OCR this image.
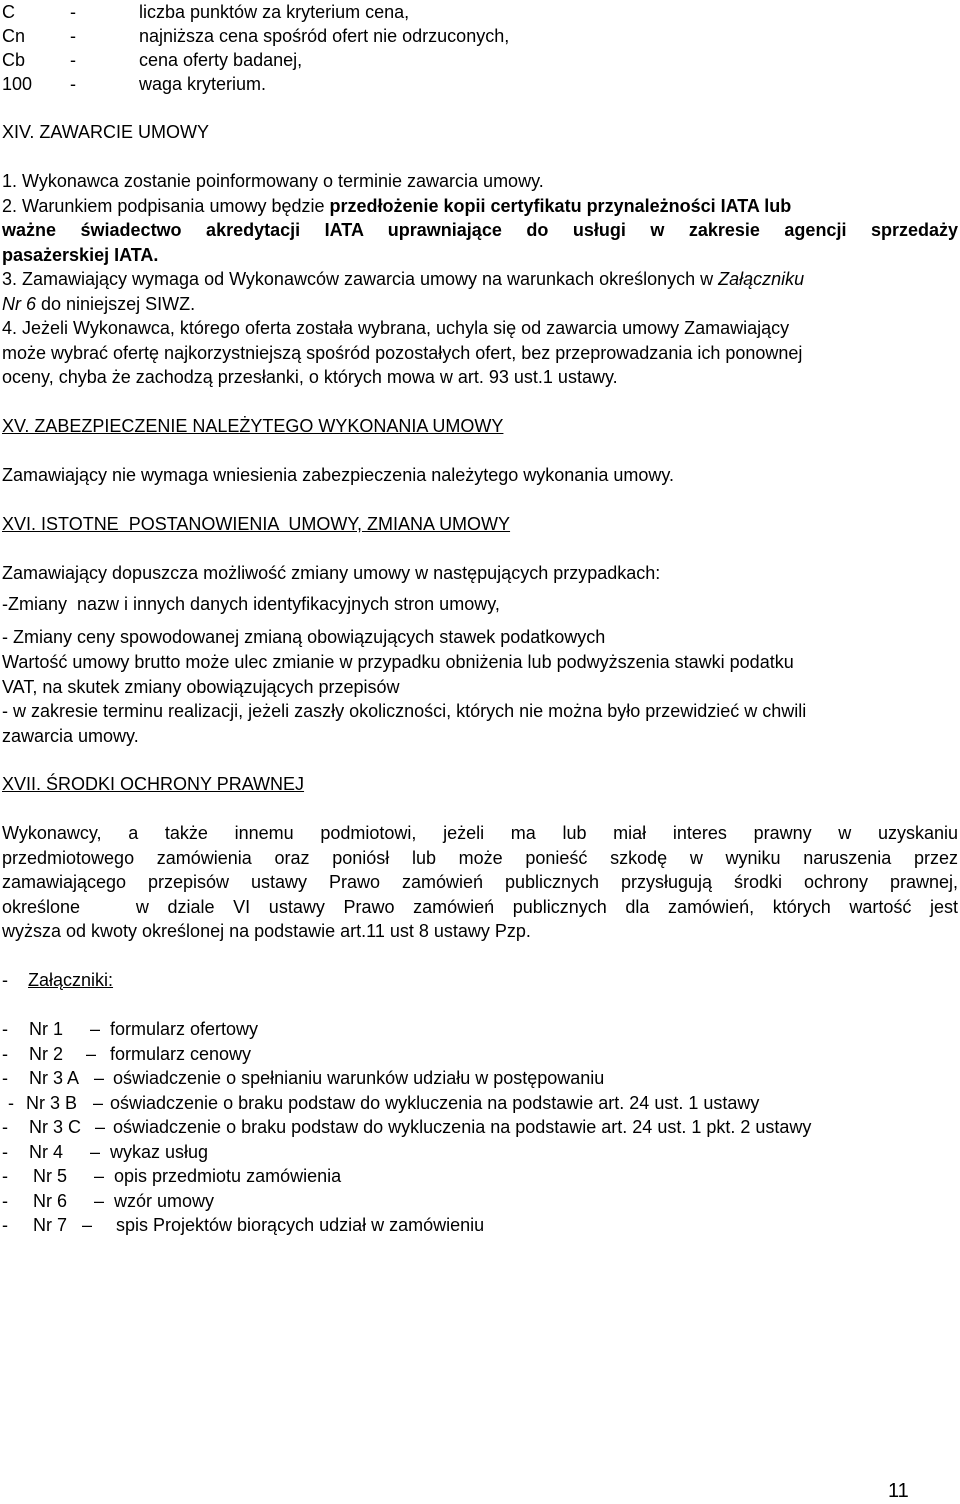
C	-	liczba punktów za kryterium cena,
Cn -	najniższa cena spośród ofert nie odrzuconych,
Cb -	cena oferty badanej,
100 -	waga kryterium.
XIV. ZAWARCIE UMOWY
1. Wykonawca zostanie poinformowany o terminie zawarcia umowy.
2. Warunkiem podpisania umowy będzie przedłożenie kopii certyfikatu przynależności IATA lub
ważne świadectwo akredytacji IATA uprawniające do usługi w zakresie agencji sprzedaży
pasażerskiej IATA.
3. Zamawiający wymaga od Wykonawców zawarcia umowy na warunkach określonych w Załączniku
Nr 6 do niniejszej SIWZ.
4. Jeżeli Wykonawca, którego oferta została wybrana, uchyla się od zawarcia umowy Zamawiający
może wybrać ofertę najkorzystniejszą spośród pozostałych ofert, bez przeprowadzania ich ponownej
oceny, chyba że zachodzą przesłanki, o których mowa w art. 93 ust.1 ustawy.
XV. ZABEZPIECZENIE NALEŻYTEGO WYKONANIA UMOWY
Zamawiający nie wymaga wniesienia zabezpieczenia należytego wykonania umowy.
XVI. ISTOTNE  POSTANOWIENIA  UMOWY, ZMIANA UMOWY
Zamawiający dopuszcza możliwość zmiany umowy w następujących przypadkach:
-Zmiany  nazw i innych danych identyfikacyjnych stron umowy,
- Zmiany ceny spowodowanej zmianą obowiązujących stawek podatkowych
Wartość umowy brutto może ulec zmianie w przypadku obniżenia lub podwyższenia stawki podatku
VAT, na skutek zmiany obowiązujących przepisów
- w zakresie terminu realizacji, jeżeli zaszły okoliczności, których nie można było przewidzieć w chwili
zawarcia umowy.
XVII. ŚRODKI OCHRONY PRAWNEJ
Wykonawcy, a także innemu podmiotowi, jeżeli ma lub miał interes prawny w uzyskaniu
przedmiotowego zamówienia oraz poniósł lub może ponieść szkodę w wyniku naruszenia przez
zamawiającego przepisów ustawy Prawo zamówień publicznych przysługują środki ochrony prawnej,
określone   w dziale VI ustawy Prawo zamówień publicznych dla zamówień, których wartość jest
wyższa od kwoty określonej na podstawie art.11 ust 8 ustawy Pzp.
- Załączniki:
- Nr 1 – formularz ofertowy
- Nr 2 – formularz cenowy
- Nr 3 A – oświadczenie o spełnianiu warunków udziału w postępowaniu
- Nr 3 B – oświadczenie o braku podstaw do wykluczenia na podstawie art. 24 ust. 1 ustawy
- Nr 3 C – oświadczenie o braku podstaw do wykluczenia na podstawie art. 24 ust. 1 pkt. 2 ustawy
- Nr 4 – wykaz usług
- Nr 5 – opis przedmiotu zamówienia
- Nr 6 – wzór umowy
- Nr 7 – spis Projektów biorących udział w zamówieniu
11
